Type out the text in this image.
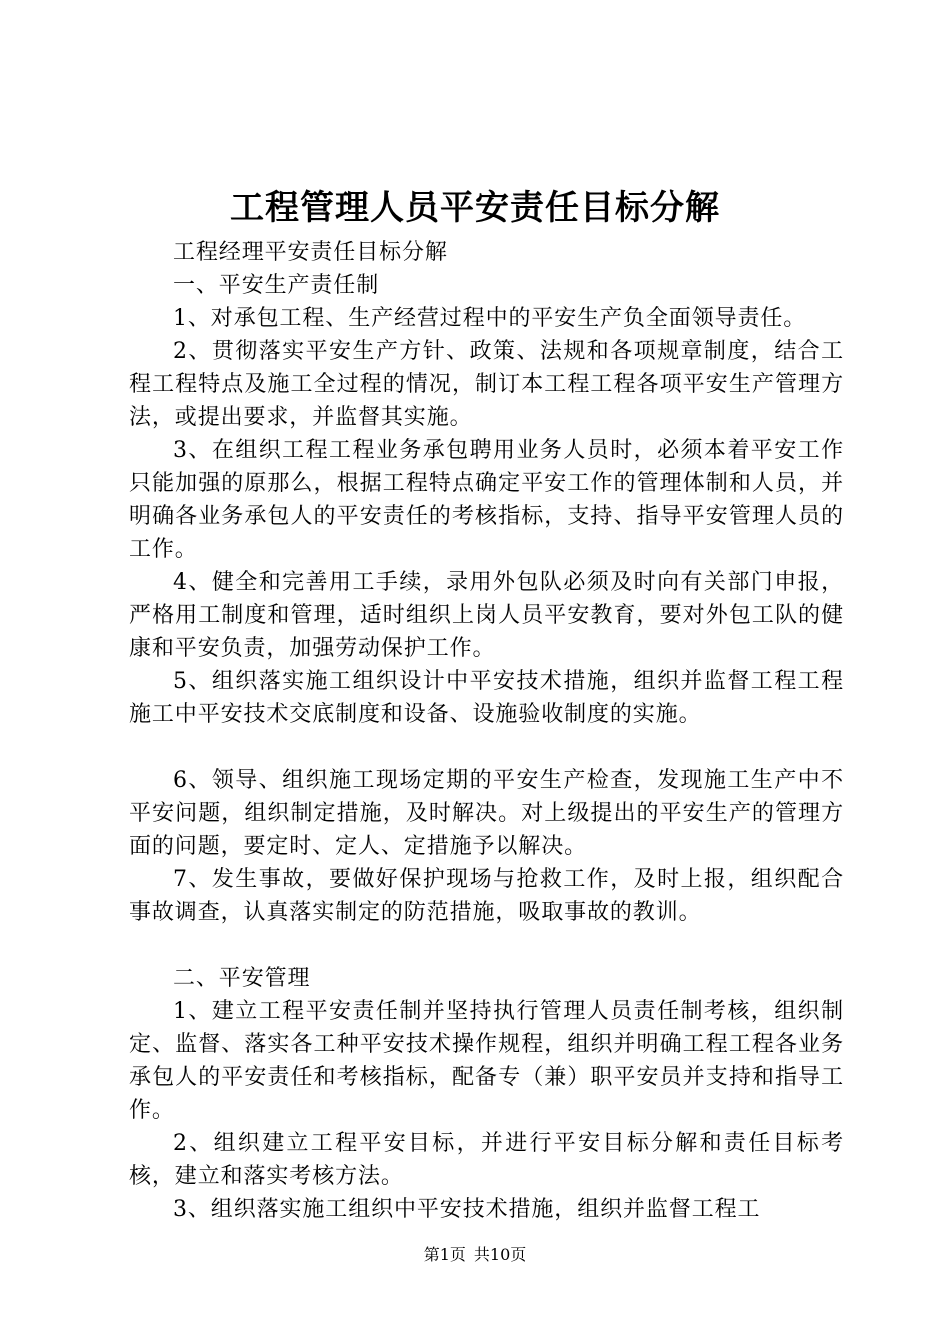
工程管理人员平安责任目标分解

工程经理平安责任目标分解

一、平安生产责任制

1、对承包工程、生产经营过程中的平安生产负全面领导责任。

2、贯彻落实平安生产方针、政策、法规和各项规章制度，结合工程工程特点及施工全过程的情况，制订本工程工程各项平安生产管理方法，或提出要求，并监督其实施。

3、在组织工程工程业务承包聘用业务人员时，必须本着平安工作只能加强的原那么，根据工程特点确定平安工作的管理体制和人员，并明确各业务承包人的平安责任的考核指标，支持、指导平安管理人员的工作。

4、健全和完善用工手续，录用外包队必须及时向有关部门申报，严格用工制度和管理，适时组织上岗人员平安教育，要对外包工队的健康和平安负责，加强劳动保护工作。

5、组织落实施工组织设计中平安技术措施，组织并监督工程工程施工中平安技术交底制度和设备、设施验收制度的实施。

6、领导、组织施工现场定期的平安生产检查，发现施工生产中不平安问题，组织制定措施，及时解决。对上级提出的平安生产的管理方面的问题，要定时、定人、定措施予以解决。

7、发生事故，要做好保护现场与抢救工作，及时上报，组织配合事故调查，认真落实制定的防范措施，吸取事故的教训。

二、平安管理

1、建立工程平安责任制并坚持执行管理人员责任制考核，组织制定、监督、落实各工种平安技术操作规程，组织并明确工程工程各业务承包人的平安责任和考核指标，配备专（兼）职平安员并支持和指导工作。

2、组织建立工程平安目标，并进行平安目标分解和责任目标考核，建立和落实考核方法。

3、组织落实施工组织中平安技术措施，组织并监督工程工

第1页 共10页
